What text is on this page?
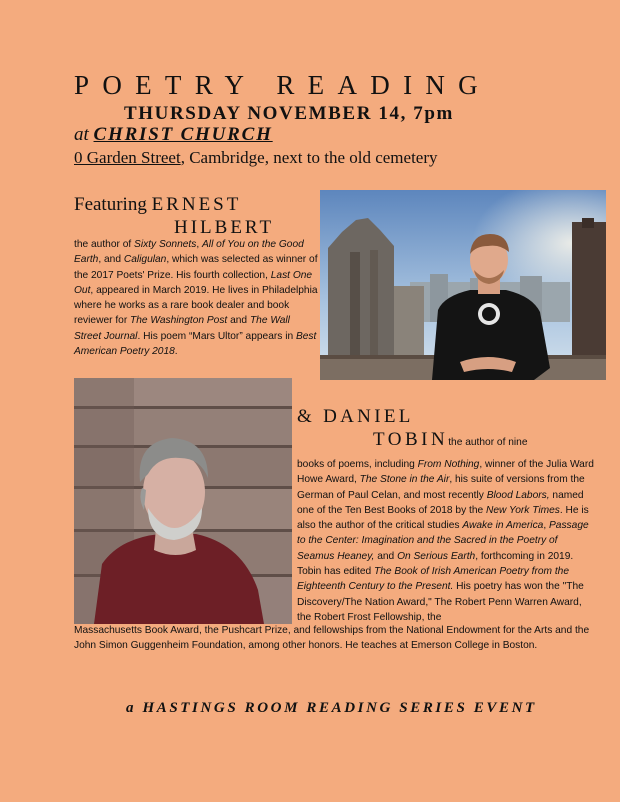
POETRY READING
THURSDAY NOVEMBER 14, 7pm
at CHRIST CHURCH
0 Garden Street, Cambridge, next to the old cemetery
Featuring ERNEST
HILBERT
the author of Sixty Sonnets, All of You on the Good Earth, and Caligulan, which was selected as winner of the 2017 Poets' Prize. His fourth collection, Last One Out, appeared in March 2019. He lives in Philadelphia where he works as a rare book dealer and book reviewer for The Washington Post and The Wall Street Journal. His poem “Mars Ultor” appears in Best American Poetry 2018.
& DANIEL
TOBINthe author of nine
books of poems, including From Nothing, winner of the Julia Ward Howe Award, The Stone in the Air, his suite of versions from the German of Paul Celan, and most recently Blood Labors, named one of the Ten Best Books of 2018 by the New York Times. He is also the author of the critical studies Awake in America, Passage to the Center: Imagination and the Sacred in the Poetry of Seamus Heaney, and On Serious Earth, forthcoming in 2019. Tobin has edited The Book of Irish American Poetry from the Eighteenth Century to the Present. His poetry has won the "The Discovery/The Nation Award," The Robert Penn Warren Award, the Robert Frost Fellowship, the
Massachusetts Book Award, the Pushcart Prize, and fellowships from the National Endowment for the Arts and the John Simon Guggenheim Foundation, among other honors. He teaches at Emerson College in Boston.
a HASTINGS ROOM READING SERIES EVENT
